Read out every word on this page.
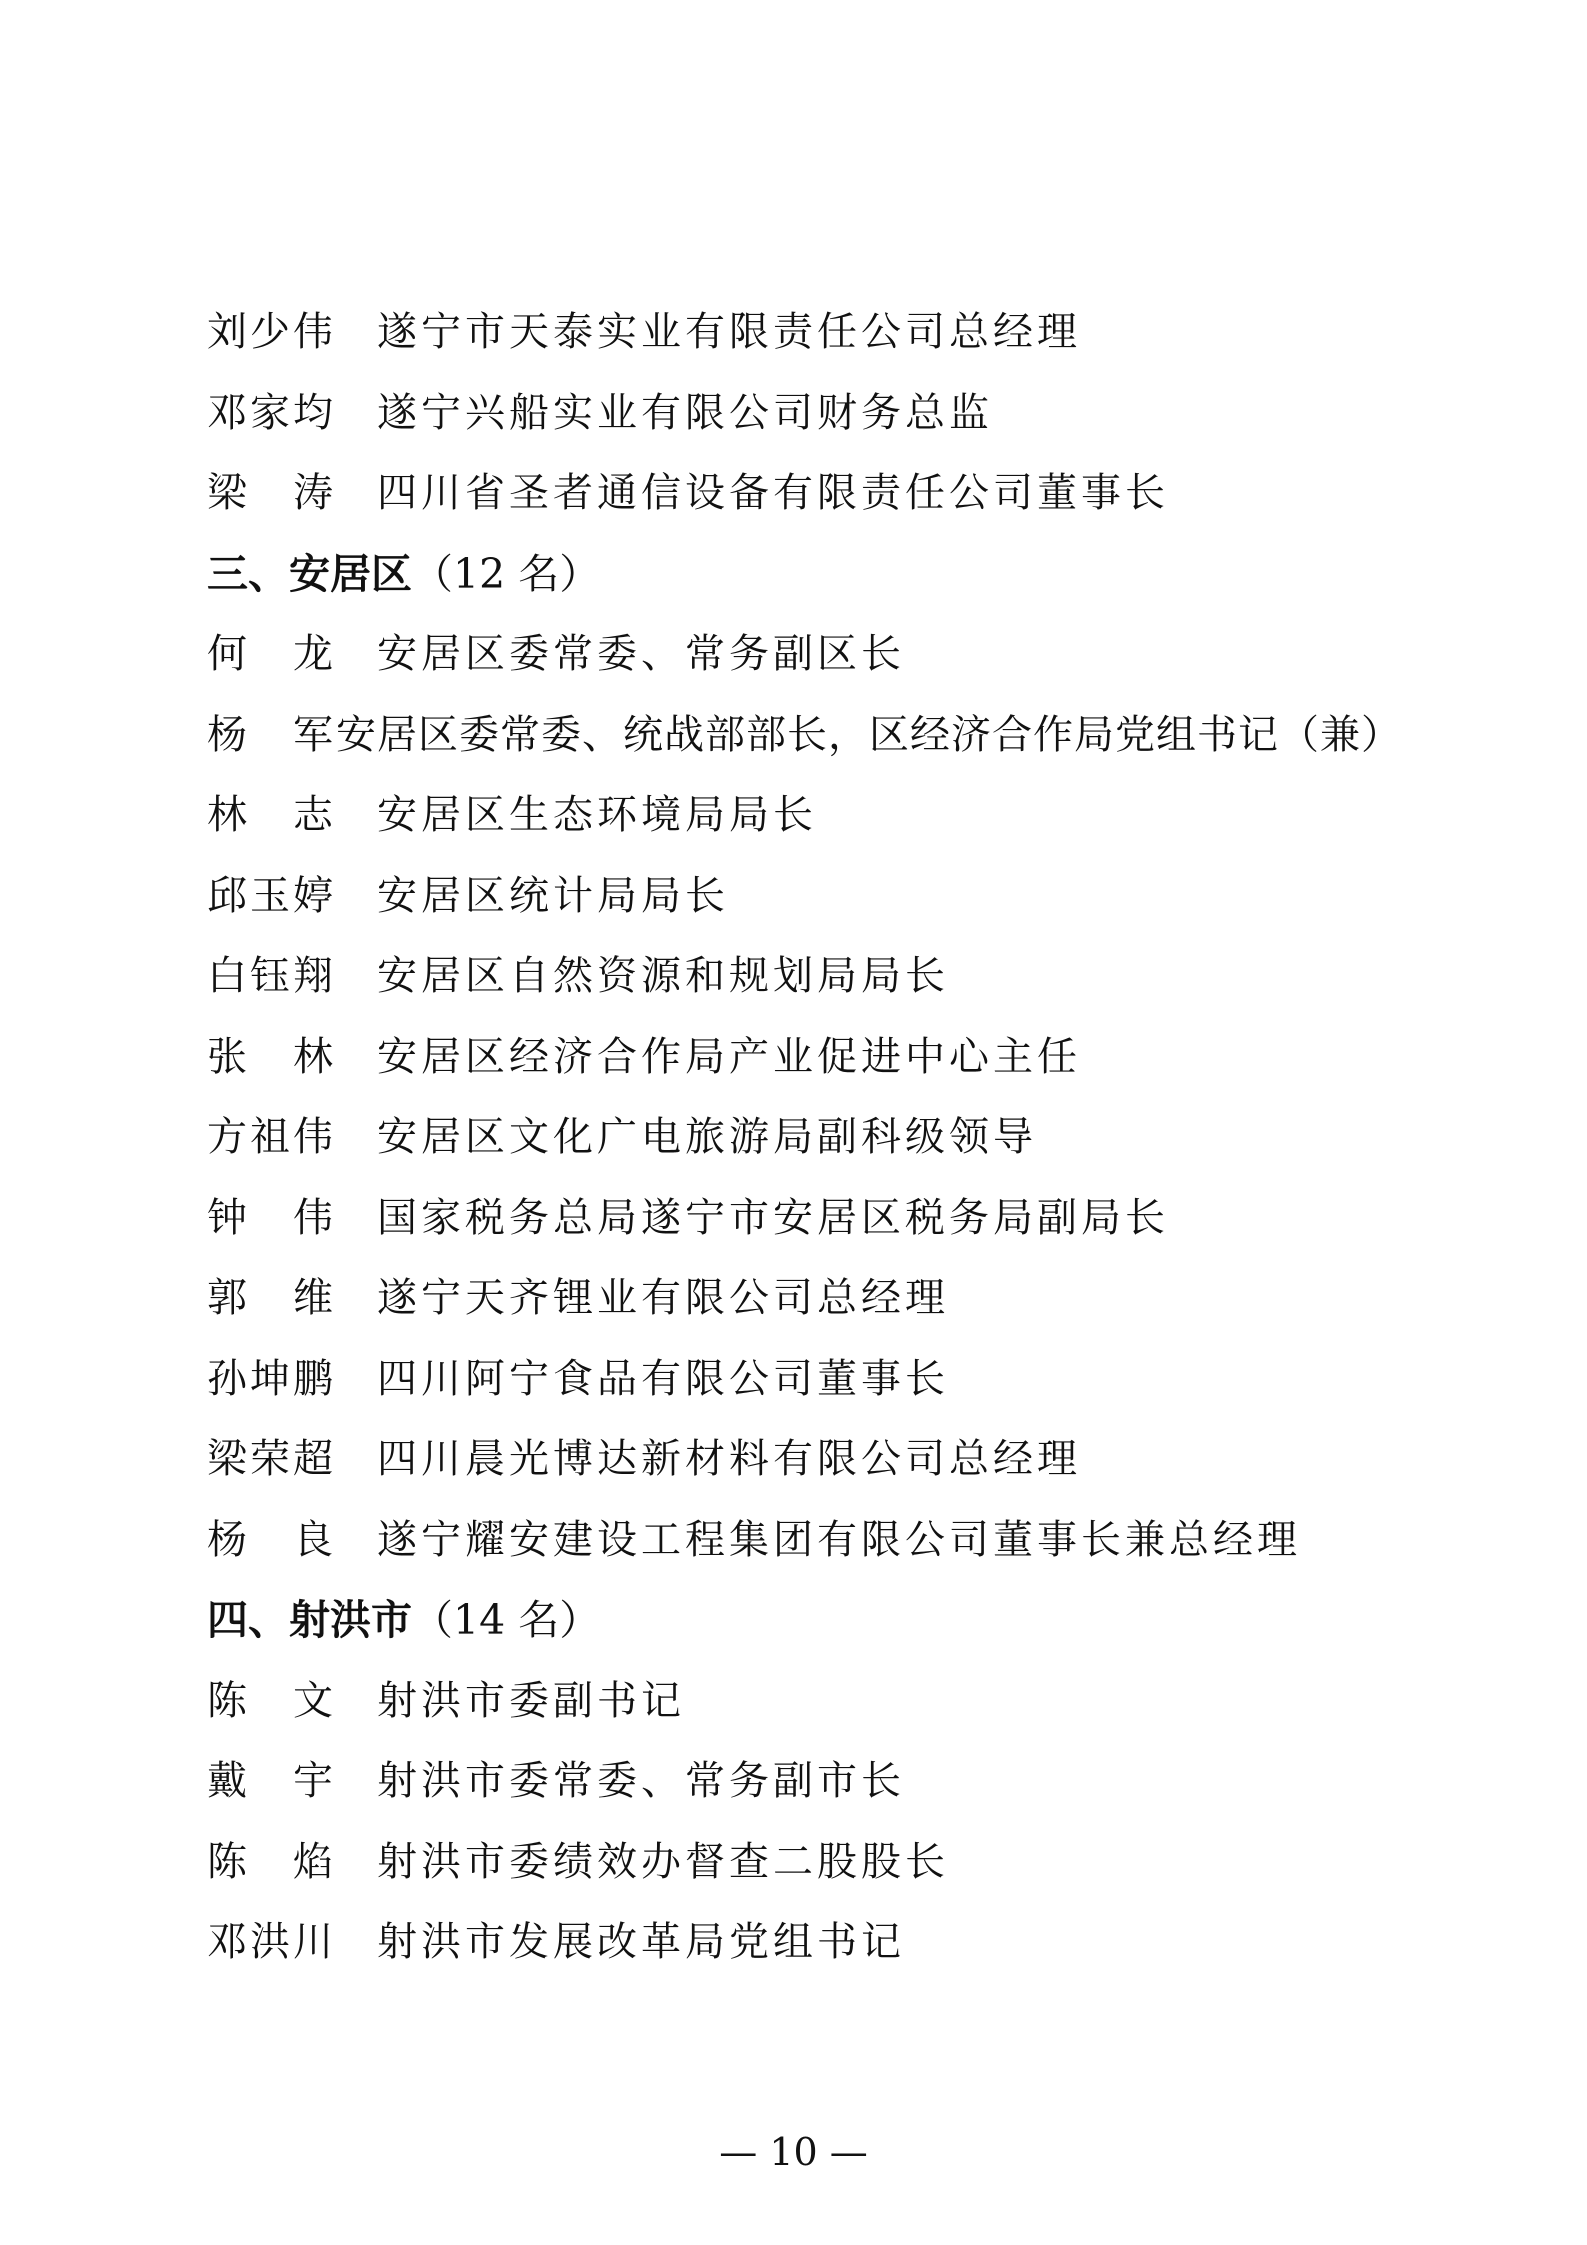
刘少伟	遂宁市天泰实业有限责任公司总经理
邓家均	遂宁兴船实业有限公司财务总监
梁　涛	四川省圣者通信设备有限责任公司董事长
三、安居区（12 名）
何　龙	安居区委常委、常务副区长
杨　军 安居区委常委、统战部部长，区经济合作局党组书记（兼）
林　志	安居区生态环境局局长
邱玉婷	安居区统计局局长
白钰翔	安居区自然资源和规划局局长
张　林	安居区经济合作局产业促进中心主任
方祖伟	安居区文化广电旅游局副科级领导
钟　伟	国家税务总局遂宁市安居区税务局副局长
郭　维	遂宁天齐锂业有限公司总经理
孙坤鹏	四川阿宁食品有限公司董事长
梁荣超	四川晨光博达新材料有限公司总经理
杨　良	遂宁耀安建设工程集团有限公司董事长兼总经理
四、射洪市（14 名）
陈　文	射洪市委副书记
戴　宇	射洪市委常委、常务副市长
陈　焰	射洪市委绩效办督查二股股长
邓洪川	射洪市发展改革局党组书记
— 10 —
